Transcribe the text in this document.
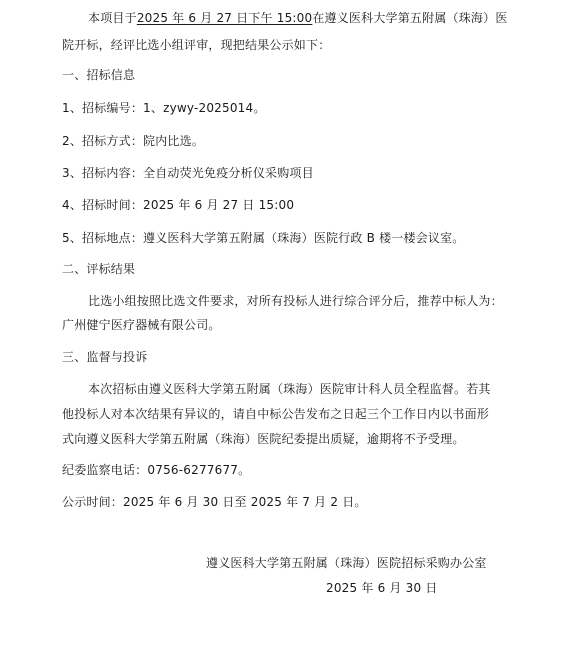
本项目于2025 年 6 月 27 日下午 15:00在遵义医科大学第五附属（珠海）医
院开标，经评比选小组评审，现把结果公示如下：
一、招标信息
1、招标编号：1、zywy-2025014。
2、招标方式：院内比选。
3、招标内容：全自动荧光免疫分析仪采购项目
4、招标时间：2025 年 6 月 27 日 15:00
5、招标地点：遵义医科大学第五附属（珠海）医院行政 B 楼一楼会议室。
二、评标结果
比选小组按照比选文件要求，对所有投标人进行综合评分后，推荐中标人为：
广州健宁医疗器械有限公司。
三、监督与投诉
本次招标由遵义医科大学第五附属（珠海）医院审计科人员全程监督。若其
他投标人对本次结果有异议的，请自中标公告发布之日起三个工作日内以书面形
式向遵义医科大学第五附属（珠海）医院纪委提出质疑，逾期将不予受理。
纪委监察电话：0756-6277677。
公示时间：2025 年 6 月 30 日至 2025 年 7 月 2 日。
遵义医科大学第五附属（珠海）医院招标采购办公室
2025 年 6 月 30 日
